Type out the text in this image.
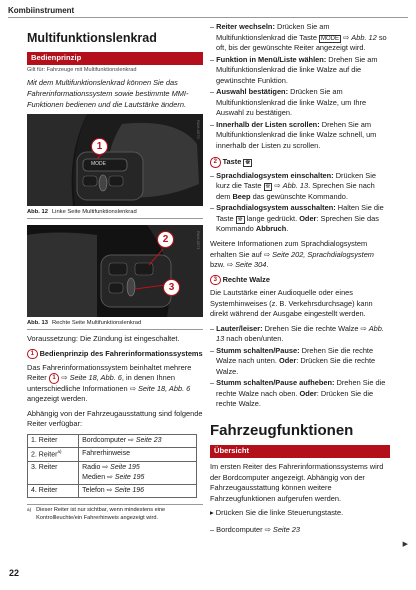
Kombiinstrument
Multifunktionslenkrad
Bedienprinzip
Gilt für: Fahrzeuge mit Multifunktionslenkrad
Mit dem Multifunktionslenkrad können Sie das Fahrerinformationssystem sowie bestimmte MMI-Funktionen bedienen und die Lautstärke ändern.
MODE
1
RAH-0570
Abb. 12 Linke Seite Multifunktionslenkrad
2
3
RAH-0571
Abb. 13 Rechte Seite Multifunktionslenkrad

Voraussetzung: Die Zündung ist eingeschaltet.

1 Bedienprinzip des Fahrerinformationssystems

Das Fahrerinformationssystem beinhaltet mehrere Reiter 1 ⇨ Seite 18, Abb. 6, in denen Ihnen unterschiedliche Informationen ⇨ Seite 18, Abb. 6 angezeigt werden.

Abhängig von der Fahrzeugausstattung sind folgende Reiter verfügbar:

1. Reiter	Bordcomputer ⇨ Seite 23
2. Reiter$^{a)}$	Fahrerhinweise
3. Reiter	Radio ⇨ Seite 195
Medien ⇨ Seite 195
4. Reiter	Telefon ⇨ Seite 196
a) Dieser Reiter ist nur sichtbar, wenn mindestens eine Kontrollleuchte/ein Fahrerhinweis angezeigt wird.

– Reiter wechseln: Drücken Sie am Multifunktionslenkrad die Taste MODE ⇨ Abb. 12 so oft, bis der gewünschte Reiter angezeigt wird.

– Funktion in Menü/Liste wählen: Drehen Sie am Multifunktionslenkrad die linke Walze auf die gewünschte Funktion.

– Auswahl bestätigen: Drücken Sie am Multifunktionslenkrad die linke Walze, um Ihre Auswahl zu bestätigen.

– Innerhalb der Listen scrollen: Drehen Sie am Multifunktionslenkrad die linke Walze schnell, um innerhalb der Listen zu scrollen.

2 Taste ⛯

– Sprachdialogsystem einschalten: Drücken Sie kurz die Taste ⛯ ⇨ Abb. 13. Sprechen Sie nach dem Beep das gewünschte Kommando.

– Sprachdialogsystem ausschalten: Halten Sie die Taste ⛯ lange gedrückt. Oder: Sprechen Sie das Kommando Abbruch.

Weitere Informationen zum Sprachdialogsystem erhalten Sie auf ⇨ Seite 202, Sprachdialogsystem bzw. ⇨ Seite 304.

3 Rechte Walze

Die Lautstärke einer Audioquelle oder eines Systemhinweises (z. B. Verkehrsdurchsage) kann direkt während der Ausgabe eingestellt werden.

– Lauter/leiser: Drehen Sie die rechte Walze ⇨ Abb. 13 nach oben/unten.

– Stumm schalten/Pause: Drehen Sie die rechte Walze nach unten. Oder: Drücken Sie die rechte Walze.

– Stumm schalten/Pause aufheben: Drehen Sie die rechte Walze nach oben. Oder: Drücken Sie die rechte Walze.

Fahrzeugfunktionen
Übersicht

Im ersten Reiter des Fahrerinformationssystems wird der Bordcomputer angezeigt. Abhängig von der Fahrzeugausstattung können weitere Fahrzeugfunktionen aufgerufen werden.

▸ Drücken Sie die linke Steuerungstaste.

– Bordcomputer ⇨ Seite 23

▶
22
